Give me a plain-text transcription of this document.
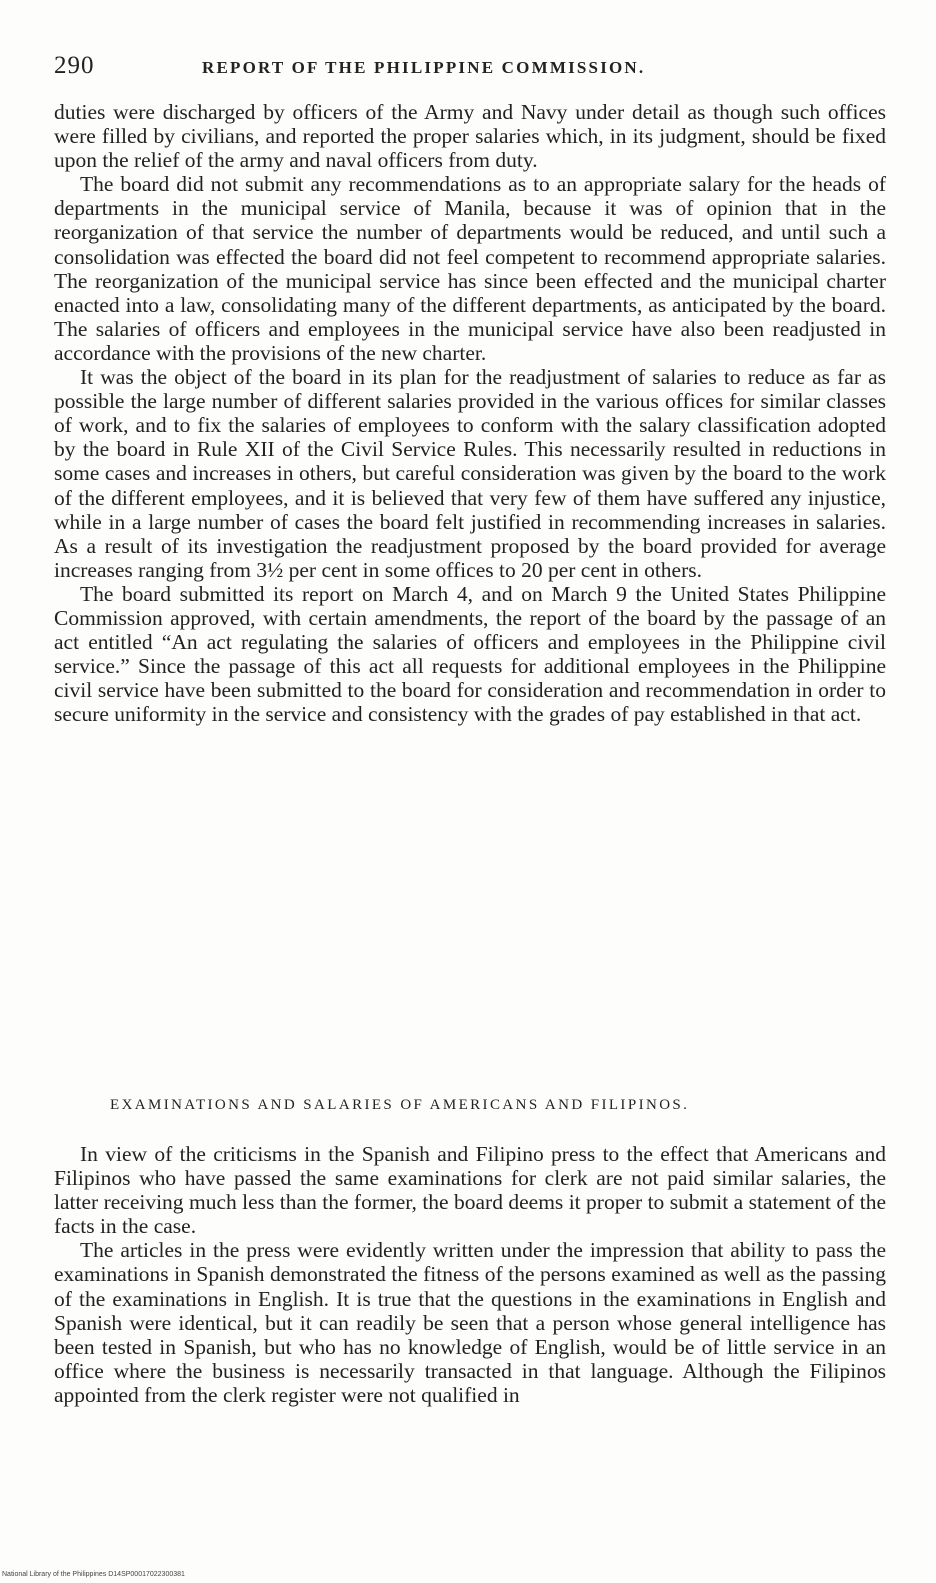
290	REPORT OF THE PHILIPPINE COMMISSION.

duties were discharged by officers of the Army and Navy under detail as though such offices were filled by civilians, and reported the proper salaries which, in its judgment, should be fixed upon the relief of the army and naval officers from duty.

The board did not submit any recommendations as to an appropriate salary for the heads of departments in the municipal service of Manila, because it was of opinion that in the reorganization of that service the number of departments would be reduced, and until such a consolidation was effected the board did not feel competent to recommend appropriate salaries. The reorganization of the municipal service has since been effected and the municipal charter enacted into a law, consolidating many of the different departments, as anticipated by the board. The salaries of officers and employees in the municipal service have also been readjusted in accordance with the provisions of the new charter.

It was the object of the board in its plan for the readjustment of salaries to reduce as far as possible the large number of different salaries provided in the various offices for similar classes of work, and to fix the salaries of employees to conform with the salary classification adopted by the board in Rule XII of the Civil Service Rules. This necessarily resulted in reductions in some cases and increases in others, but careful consideration was given by the board to the work of the different employees, and it is believed that very few of them have suffered any injustice, while in a large number of cases the board felt justified in recommending increases in salaries. As a result of its investigation the readjustment proposed by the board provided for average increases ranging from 3½ per cent in some offices to 20 per cent in others.

The board submitted its report on March 4, and on March 9 the United States Philippine Commission approved, with certain amendments, the report of the board by the passage of an act entitled “An act regulating the salaries of officers and employees in the Philippine civil service.” Since the passage of this act all requests for additional employees in the Philippine civil service have been submitted to the board for consideration and recommendation in order to secure uniformity in the service and consistency with the grades of pay established in that act.

EXAMINATIONS AND SALARIES OF AMERICANS AND FILIPINOS.

In view of the criticisms in the Spanish and Filipino press to the effect that Americans and Filipinos who have passed the same examinations for clerk are not paid similar salaries, the latter receiving much less than the former, the board deems it proper to submit a statement of the facts in the case.

The articles in the press were evidently written under the impression that ability to pass the examinations in Spanish demonstrated the fitness of the persons examined as well as the passing of the examinations in English. It is true that the questions in the examinations in English and Spanish were identical, but it can readily be seen that a person whose general intelligence has been tested in Spanish, but who has no knowledge of English, would be of little service in an office where the business is necessarily transacted in that language. Although the Filipinos appointed from the clerk register were not qualified in

National Library of the Philippines D14SP00017022300381
